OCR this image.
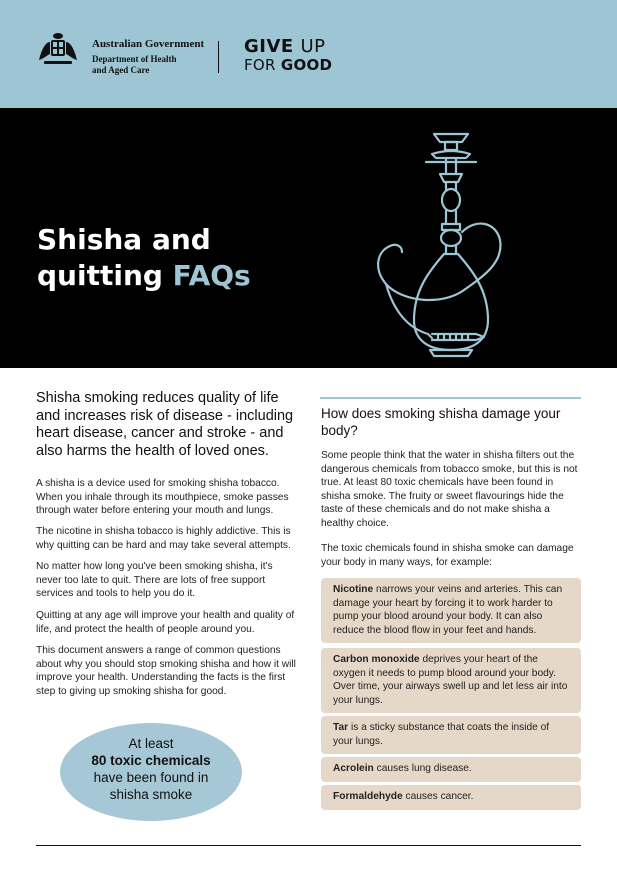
Australian Government
Department of Health
and Aged Care
GIVE UP
FOR GOOD
Shisha and
quitting FAQs
Shisha smoking reduces quality of life and increases risk of disease - including heart disease, cancer and stroke - and also harms the health of loved ones.
A shisha is a device used for smoking shisha tobacco. When you inhale through its mouthpiece, smoke passes through water before entering your mouth and lungs.
The nicotine in shisha tobacco is highly addictive. This is why quitting can be hard and may take several attempts.
No matter how long you've been smoking shisha, it's never too late to quit. There are lots of free support services and tools to help you do it.
Quitting at any age will improve your health and quality of life, and protect the health of people around you.
This document answers a range of common questions about why you should stop smoking shisha and how it will improve your health. Understanding the facts is the first step to giving up smoking shisha for good.
At least
80 toxic chemicals
have been found in
shisha smoke
How does smoking shisha damage your body?
Some people think that the water in shisha filters out the dangerous chemicals from tobacco smoke, but this is not true. At least 80 toxic chemicals have been found in shisha smoke. The fruity or sweet flavourings hide the taste of these chemicals and do not make shisha a healthy choice.
The toxic chemicals found in shisha smoke can damage your body in many ways, for example:
Nicotine narrows your veins and arteries. This can damage your heart by forcing it to work harder to pump your blood around your body. It can also reduce the blood flow in your feet and hands.
Carbon monoxide deprives your heart of the oxygen it needs to pump blood around your body. Over time, your airways swell up and let less air into your lungs.
Tar is a sticky substance that coats the inside of your lungs.
Acrolein causes lung disease.
Formaldehyde causes cancer.
